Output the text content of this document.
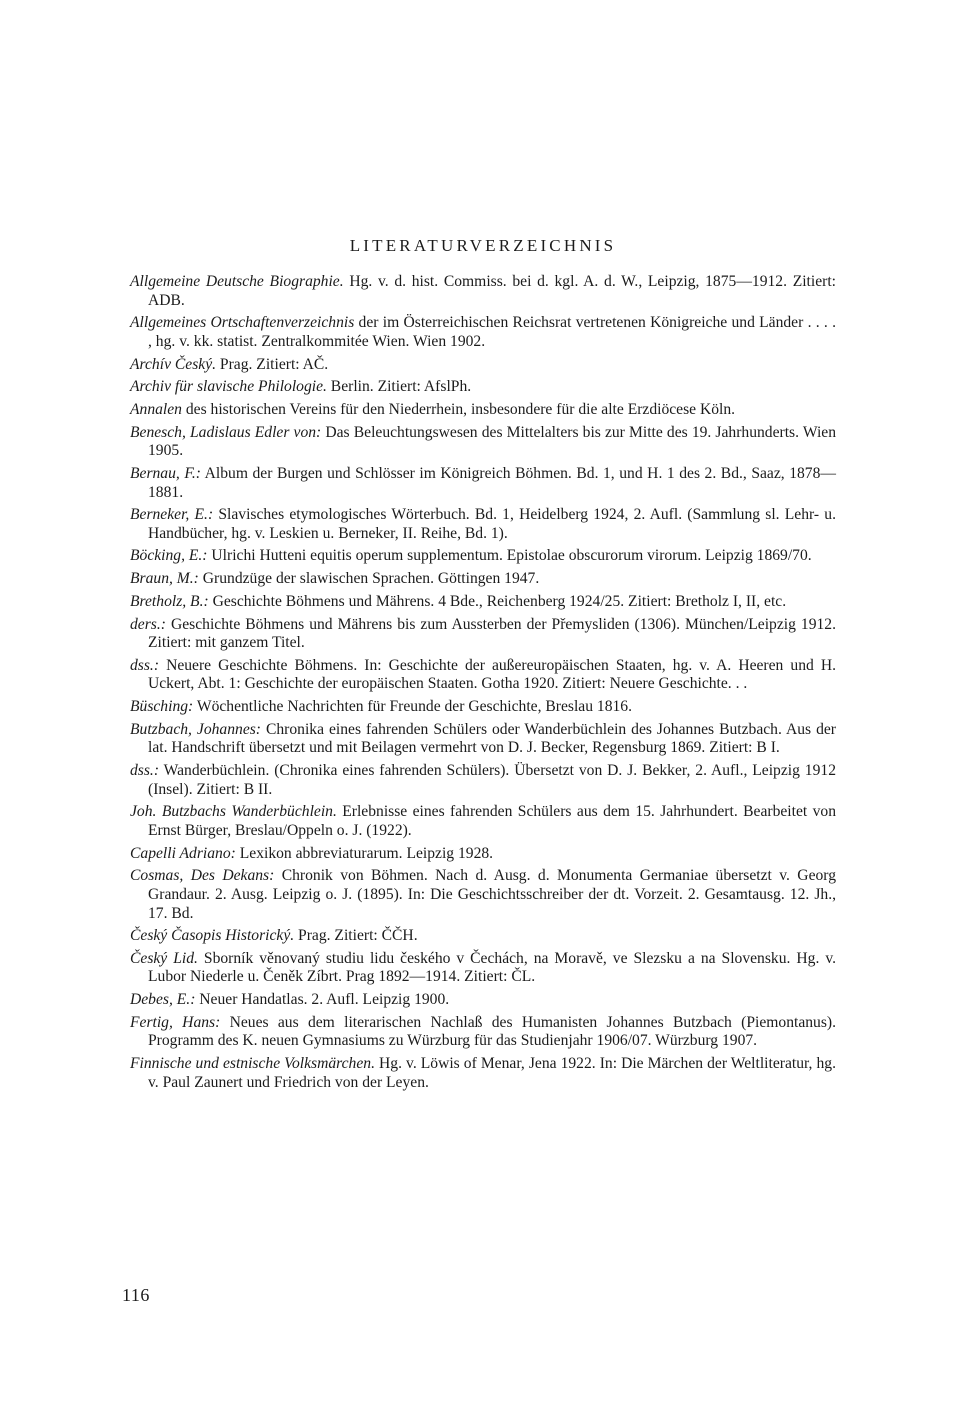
LITERATURVERZEICHNIS
Allgemeine Deutsche Biographie. Hg. v. d. hist. Commiss. bei d. kgl. A. d. W., Leipzig, 1875—1912. Zitiert: ADB.
Allgemeines Ortschaftenverzeichnis der im Österreichischen Reichsrat vertretenen Königreiche und Länder . . . . , hg. v. kk. statist. Zentralkommitée Wien. Wien 1902.
Archív Český. Prag. Zitiert: AČ.
Archiv für slavische Philologie. Berlin. Zitiert: AfslPh.
Annalen des historischen Vereins für den Niederrhein, insbesondere für die alte Erzdiöcese Köln.
Benesch, Ladislaus Edler von: Das Beleuchtungswesen des Mittelalters bis zur Mitte des 19. Jahrhunderts. Wien 1905.
Bernau, F.: Album der Burgen und Schlösser im Königreich Böhmen. Bd. 1, und H. 1 des 2. Bd., Saaz, 1878—1881.
Berneker, E.: Slavisches etymologisches Wörterbuch. Bd. 1, Heidelberg 1924, 2. Aufl. (Sammlung sl. Lehr- u. Handbücher, hg. v. Leskien u. Berneker, II. Reihe, Bd. 1).
Böcking, E.: Ulrichi Hutteni equitis operum supplementum. Epistolae obscurorum virorum. Leipzig 1869/70.
Braun, M.: Grundzüge der slawischen Sprachen. Göttingen 1947.
Bretholz, B.: Geschichte Böhmens und Mährens. 4 Bde., Reichenberg 1924/25. Zitiert: Bretholz I, II, etc.
ders.: Geschichte Böhmens und Mährens bis zum Aussterben der Přemysliden (1306). München/Leipzig 1912. Zitiert: mit ganzem Titel.
dss.: Neuere Geschichte Böhmens. In: Geschichte der außereuropäischen Staaten, hg. v. A. Heeren und H. Uckert, Abt. 1: Geschichte der europäischen Staaten. Gotha 1920. Zitiert: Neuere Geschichte. . .
Büsching: Wöchentliche Nachrichten für Freunde der Geschichte, Breslau 1816.
Butzbach, Johannes: Chronika eines fahrenden Schülers oder Wanderbüchlein des Johannes Butzbach. Aus der lat. Handschrift übersetzt und mit Beilagen vermehrt von D. J. Becker, Regensburg 1869. Zitiert: B I.
dss.: Wanderbüchlein. (Chronika eines fahrenden Schülers). Übersetzt von D. J. Bekker, 2. Aufl., Leipzig 1912 (Insel). Zitiert: B II.
Joh. Butzbachs Wanderbüchlein. Erlebnisse eines fahrenden Schülers aus dem 15. Jahrhundert. Bearbeitet von Ernst Bürger, Breslau/Oppeln o. J. (1922).
Capelli Adriano: Lexikon abbreviaturarum. Leipzig 1928.
Cosmas, Des Dekans: Chronik von Böhmen. Nach d. Ausg. d. Monumenta Germaniae übersetzt v. Georg Grandaur. 2. Ausg. Leipzig o. J. (1895). In: Die Geschichtsschreiber der dt. Vorzeit. 2. Gesamtausg. 12. Jh., 17. Bd.
Český Časopis Historický. Prag. Zitiert: ČČH.
Český Lid. Sborník věnovaný studiu lidu českého v Čechách, na Moravě, ve Slezsku a na Slovensku. Hg. v. Lubor Niederle u. Čeněk Zíbrt. Prag 1892—1914. Zitiert: ČL.
Debes, E.: Neuer Handatlas. 2. Aufl. Leipzig 1900.
Fertig, Hans: Neues aus dem literarischen Nachlaß des Humanisten Johannes Butzbach (Piemontanus). Programm des K. neuen Gymnasiums zu Würzburg für das Studienjahr 1906/07. Würzburg 1907.
Finnische und estnische Volksmärchen. Hg. v. Löwis of Menar, Jena 1922. In: Die Märchen der Weltliteratur, hg. v. Paul Zaunert und Friedrich von der Leyen.
116
